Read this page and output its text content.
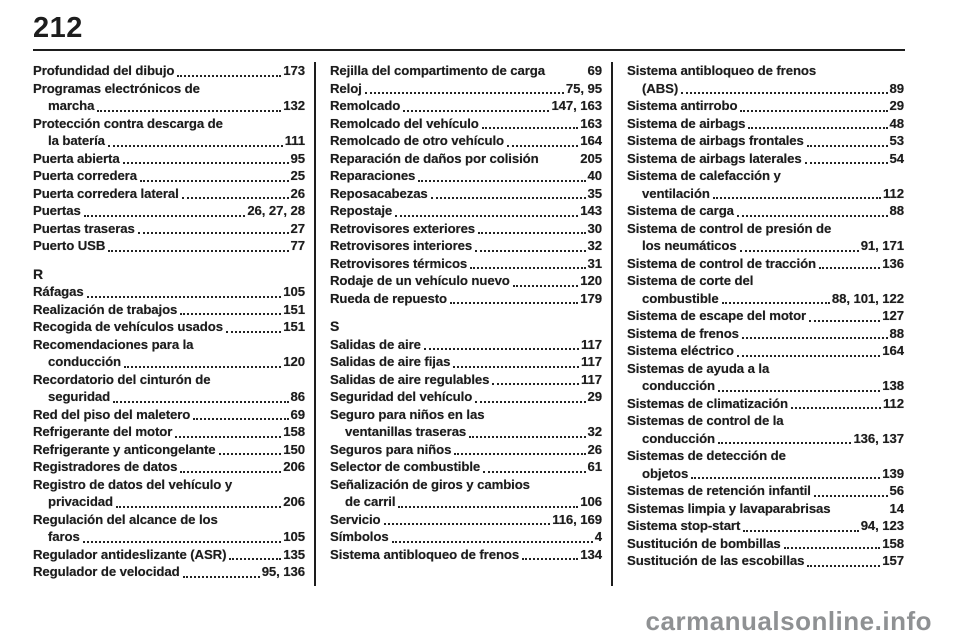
212
Profundidad del dibujo	173
Programas electrónicos de
marcha	132
Protección contra descarga de
la batería	111
Puerta abierta	95
Puerta corredera	25
Puerta corredera lateral	26
Puertas	26, 27, 28
Puertas traseras	27
Puerto USB	77
R
Ráfagas	105
Realización de trabajos	151
Recogida de vehículos usados	151
Recomendaciones para la
conducción	120
Recordatorio del cinturón de
seguridad	86
Red del piso del maletero	69
Refrigerante del motor	158
Refrigerante y anticongelante	150
Registradores de datos	206
Registro de datos del vehículo y
privacidad	206
Regulación del alcance de los
faros	105
Regulador antideslizante (ASR)	135
Regulador de velocidad	95, 136
Rejilla del compartimento de carga	69
Reloj	75, 95
Remolcado	147, 163
Remolcado del vehículo	163
Remolcado de otro vehículo	164
Reparación de daños por colisión	205
Reparaciones	40
Reposacabezas	35
Repostaje	143
Retrovisores exteriores	30
Retrovisores interiores	32
Retrovisores térmicos	31
Rodaje de un vehículo nuevo	120
Rueda de repuesto	179
S
Salidas de aire	117
Salidas de aire fijas	117
Salidas de aire regulables	117
Seguridad del vehículo	29
Seguro para niños en las
ventanillas traseras	32
Seguros para niños	26
Selector de combustible	61
Señalización de giros y cambios
de carril	106
Servicio	116, 169
Símbolos	4
Sistema antibloqueo de frenos	134
Sistema antibloqueo de frenos
(ABS)	89
Sistema antirrobo	29
Sistema de airbags	48
Sistema de airbags frontales	53
Sistema de airbags laterales	54
Sistema de calefacción y
ventilación	112
Sistema de carga	88
Sistema de control de presión de
los neumáticos	91, 171
Sistema de control de tracción	136
Sistema de corte del
combustible	88, 101, 122
Sistema de escape del motor	127
Sistema de frenos	88
Sistema eléctrico	164
Sistemas de ayuda a la
conducción	138
Sistemas de climatización	112
Sistemas de control de la
conducción	136, 137
Sistemas de detección de
objetos	139
Sistemas de retención infantil	56
Sistemas limpia y lavaparabrisas	14
Sistema stop-start	94, 123
Sustitución de bombillas	158
Sustitución de las escobillas	157
carmanualsonline.info
